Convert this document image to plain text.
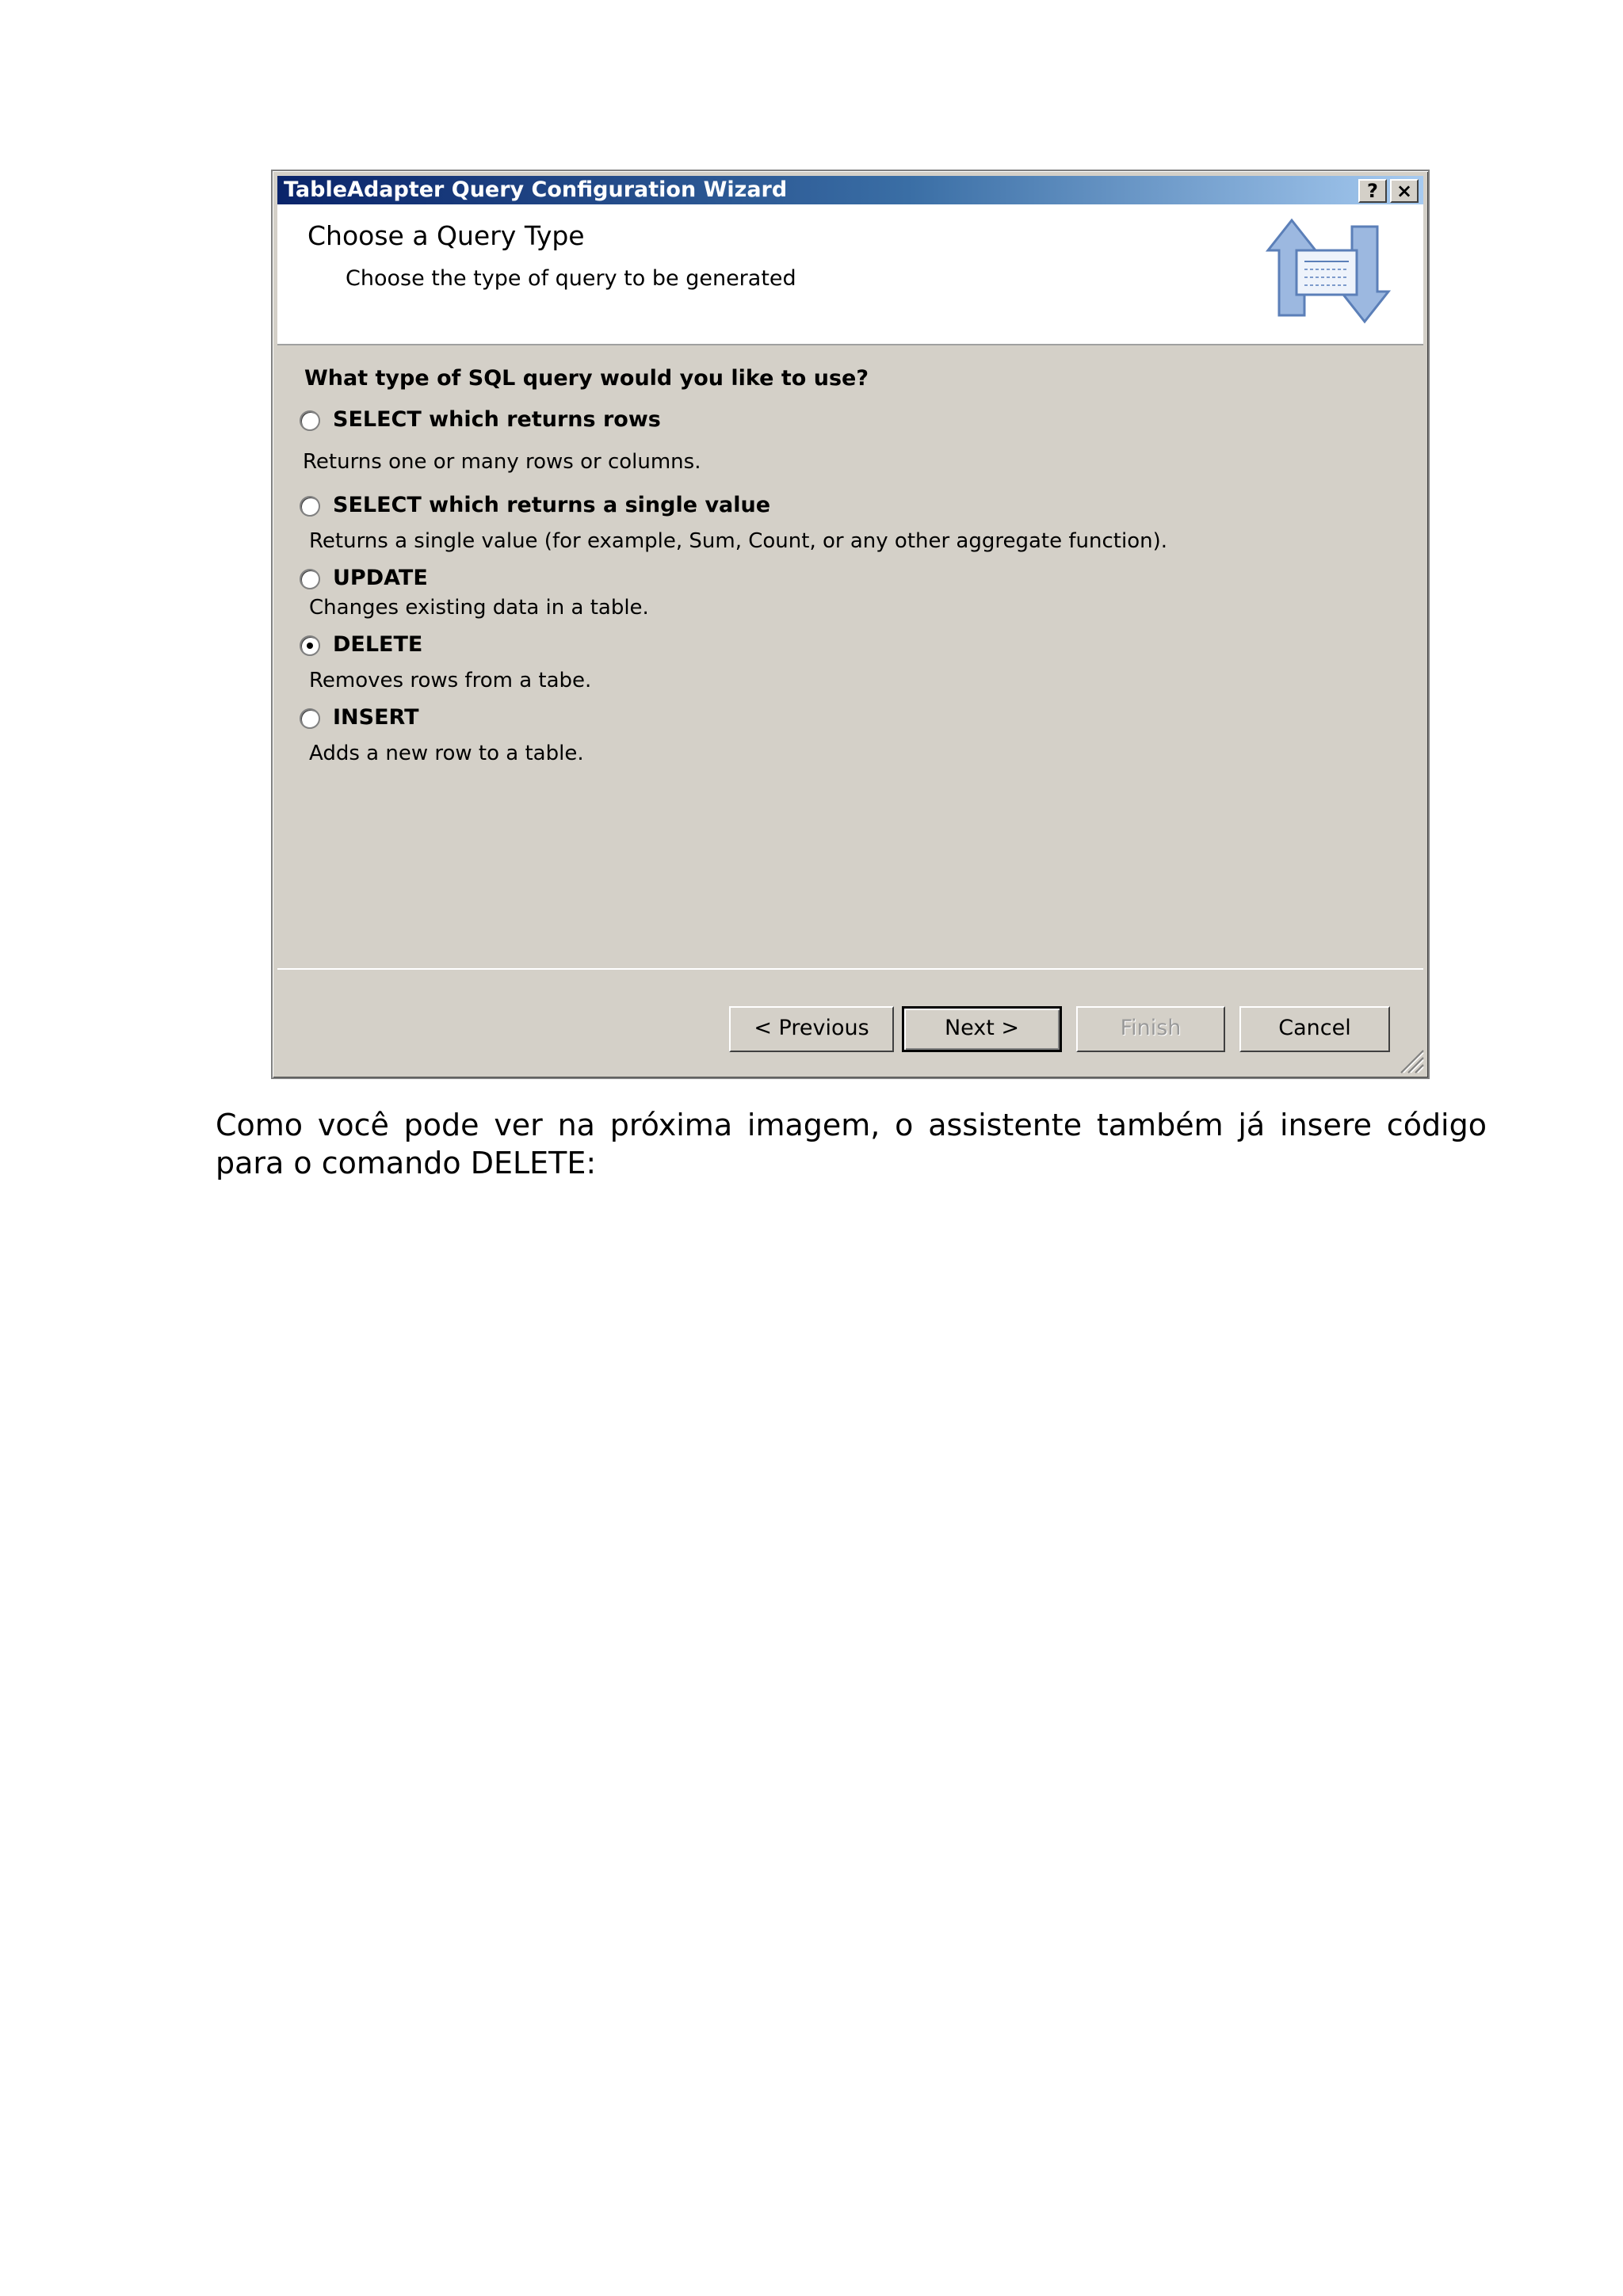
TableAdapter Query Configuration Wizard	? ×
Choose a Query Type
Choose the type of query to be generated
What type of SQL query would you like to use?
SELECT which returns rows
Returns one or many rows or columns.
SELECT which returns a single value
Returns a single value (for example, Sum, Count, or any other aggregate function).
UPDATE
Changes existing data in a table.
DELETE
Removes rows from a tabe.
INSERT
Adds a new row to a table.
< Previous	Next >	Finish	Cancel

Como você pode ver na próxima imagem, o assistente também já insere código para o comando DELETE:
